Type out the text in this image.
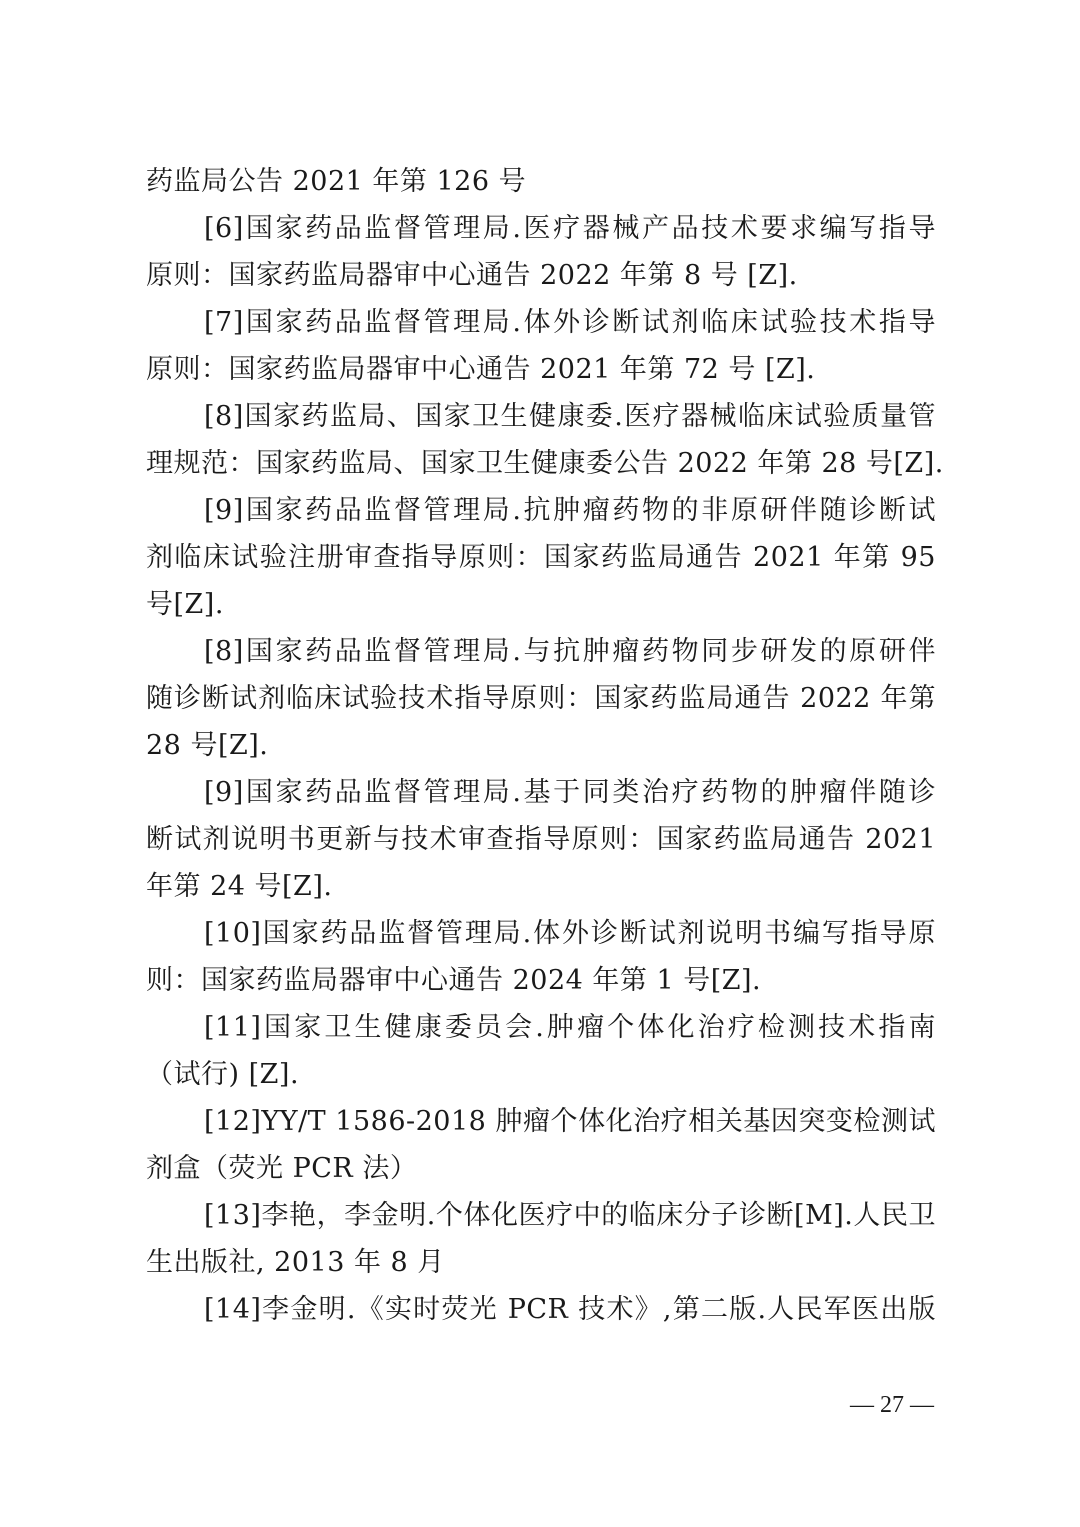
药监局公告 2021 年第 126 号
[6]国家药品监督管理局.医疗器械产品技术要求编写指导
原则：国家药监局器审中心通告 2022 年第 8 号 [Z].
[7]国家药品监督管理局.体外诊断试剂临床试验技术指导
原则：国家药监局器审中心通告 2021 年第 72 号 [Z].
[8]国家药监局、国家卫生健康委.医疗器械临床试验质量管
理规范：国家药监局、国家卫生健康委公告 2022 年第 28 号[Z].
[9]国家药品监督管理局.抗肿瘤药物的非原研伴随诊断试
剂临床试验注册审查指导原则：国家药监局通告 2021 年第 95
号[Z].
[8]国家药品监督管理局.与抗肿瘤药物同步研发的原研伴
随诊断试剂临床试验技术指导原则：国家药监局通告 2022 年第
28 号[Z].
[9]国家药品监督管理局.基于同类治疗药物的肿瘤伴随诊
断试剂说明书更新与技术审查指导原则：国家药监局通告 2021
年第 24 号[Z].
[10]国家药品监督管理局.体外诊断试剂说明书编写指导原
则：国家药监局器审中心通告 2024 年第 1 号[Z].
[11]国家卫生健康委员会.肿瘤个体化治疗检测技术指南
（试行) [Z].
[12]YY/T 1586-2018 肿瘤个体化治疗相关基因突变检测试
剂盒（荧光 PCR 法）
[13]李艳，李金明.个体化医疗中的临床分子诊断[M].人民卫
生出版社, 2013 年 8 月
[14]李金明.《实时荧光 PCR 技术》,第二版.人民军医出版
— 27 —
